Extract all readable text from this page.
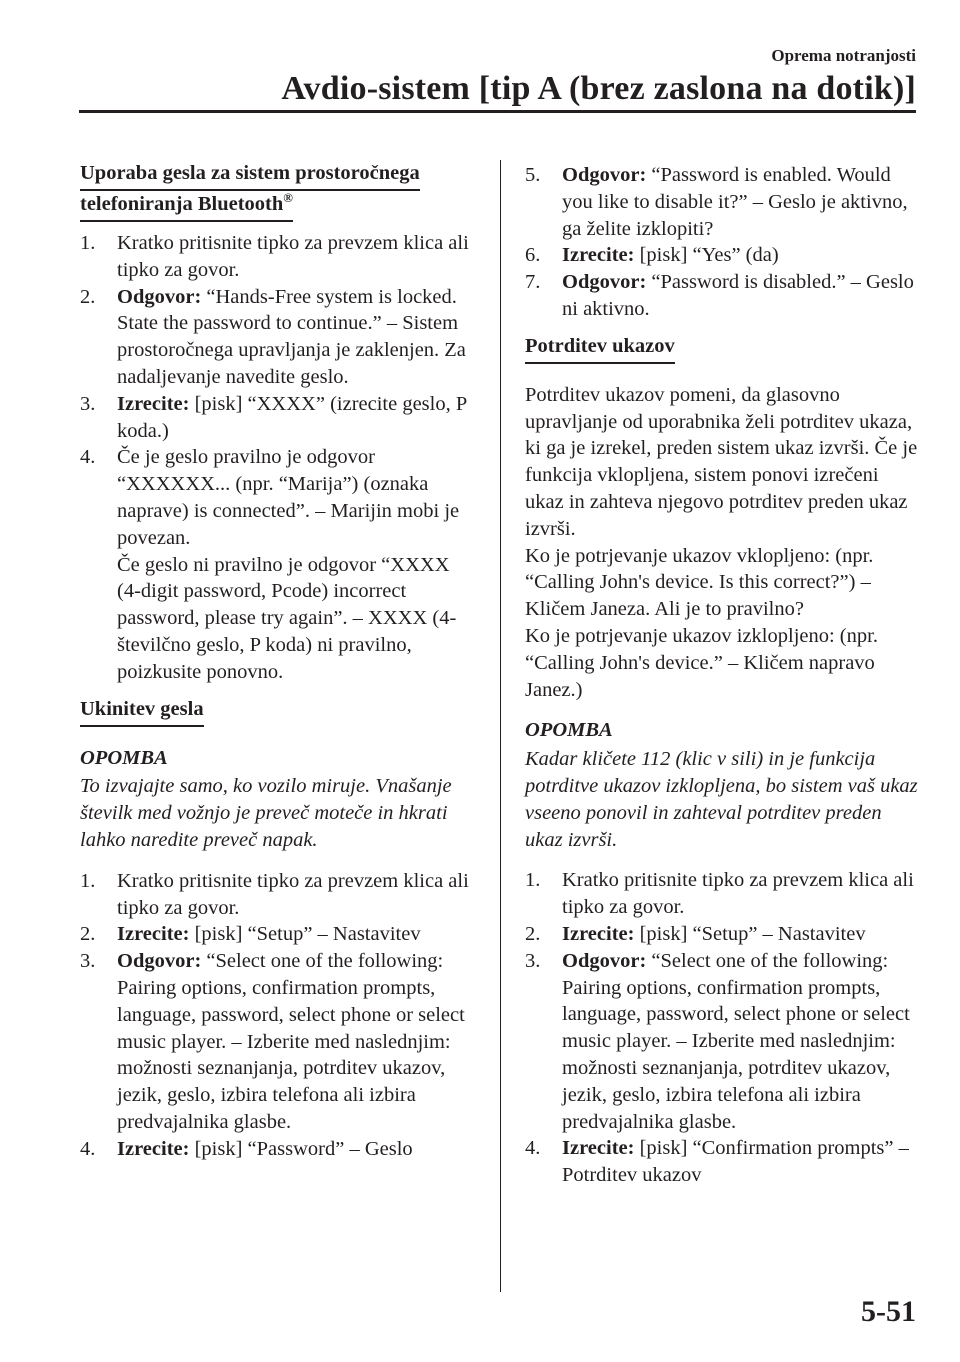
Oprema notranjosti
Avdio-sistem [tip A (brez zaslona na dotik)]
Uporaba gesla za sistem prostoročnega
telefoniranja Bluetooth®
1.	Kratko pritisnite tipko za prevzem klica ali tipko za govor.
2.	Odgovor: “Hands-Free system is locked. State the password to continue.” – Sistem prostoročnega upravljanja je zaklenjen. Za nadaljevanje navedite geslo.
3.	Izrecite: [pisk] “XXXX” (izrecite geslo, P koda.)
4.	Če je geslo pravilno je odgovor “XXXXXX... (npr. “Marija”) (oznaka naprave) is connected”. – Marijin mobi je povezan.
Če geslo ni pravilno je odgovor “XXXX (4-digit password, Pcode) incorrect password, please try again”. – XXXX (4-številčno geslo, P koda) ni pravilno, poizkusite ponovno.
Ukinitev gesla
OPOMBA
To izvajajte samo, ko vozilo miruje. Vnašanje številk med vožnjo je preveč moteče in hkrati lahko naredite preveč napak.
1.	Kratko pritisnite tipko za prevzem klica ali tipko za govor.
2.	Izrecite: [pisk] “Setup” – Nastavitev
3.	Odgovor: “Select one of the following: Pairing options, confirmation prompts, language, password, select phone or select music player. – Izberite med naslednjim: možnosti seznanjanja, potrditev ukazov, jezik, geslo, izbira telefona ali izbira predvajalnika glasbe.
4.	Izrecite: [pisk] “Password” – Geslo
5.	Odgovor: “Password is enabled. Would you like to disable it?” – Geslo je aktivno, ga želite izklopiti?
6.	Izrecite: [pisk] “Yes” (da)
7.	Odgovor: “Password is disabled.” – Geslo ni aktivno.
Potrditev ukazov
Potrditev ukazov pomeni, da glasovno upravljanje od uporabnika želi potrditev ukaza, ki ga je izrekel, preden sistem ukaz izvrši. Če je funkcija vklopljena, sistem ponovi izrečeni ukaz in zahteva njegovo potrditev preden ukaz izvrši.
Ko je potrjevanje ukazov vklopljeno: (npr. “Calling John's device. Is this correct?”) – Kličem Janeza. Ali je to pravilno?
Ko je potrjevanje ukazov izklopljeno: (npr. “Calling John's device.” – Kličem napravo Janez.)
OPOMBA
Kadar kličete 112 (klic v sili) in je funkcija potrditve ukazov izklopljena, bo sistem vaš ukaz vseeno ponovil in zahteval potrditev preden ukaz izvrši.
1.	Kratko pritisnite tipko za prevzem klica ali tipko za govor.
2.	Izrecite: [pisk] “Setup” – Nastavitev
3.	Odgovor: “Select one of the following: Pairing options, confirmation prompts, language, password, select phone or select music player. – Izberite med naslednjim: možnosti seznanjanja, potrditev ukazov, jezik, geslo, izbira telefona ali izbira predvajalnika glasbe.
4.	Izrecite: [pisk] “Confirmation prompts” – Potrditev ukazov
5-51
